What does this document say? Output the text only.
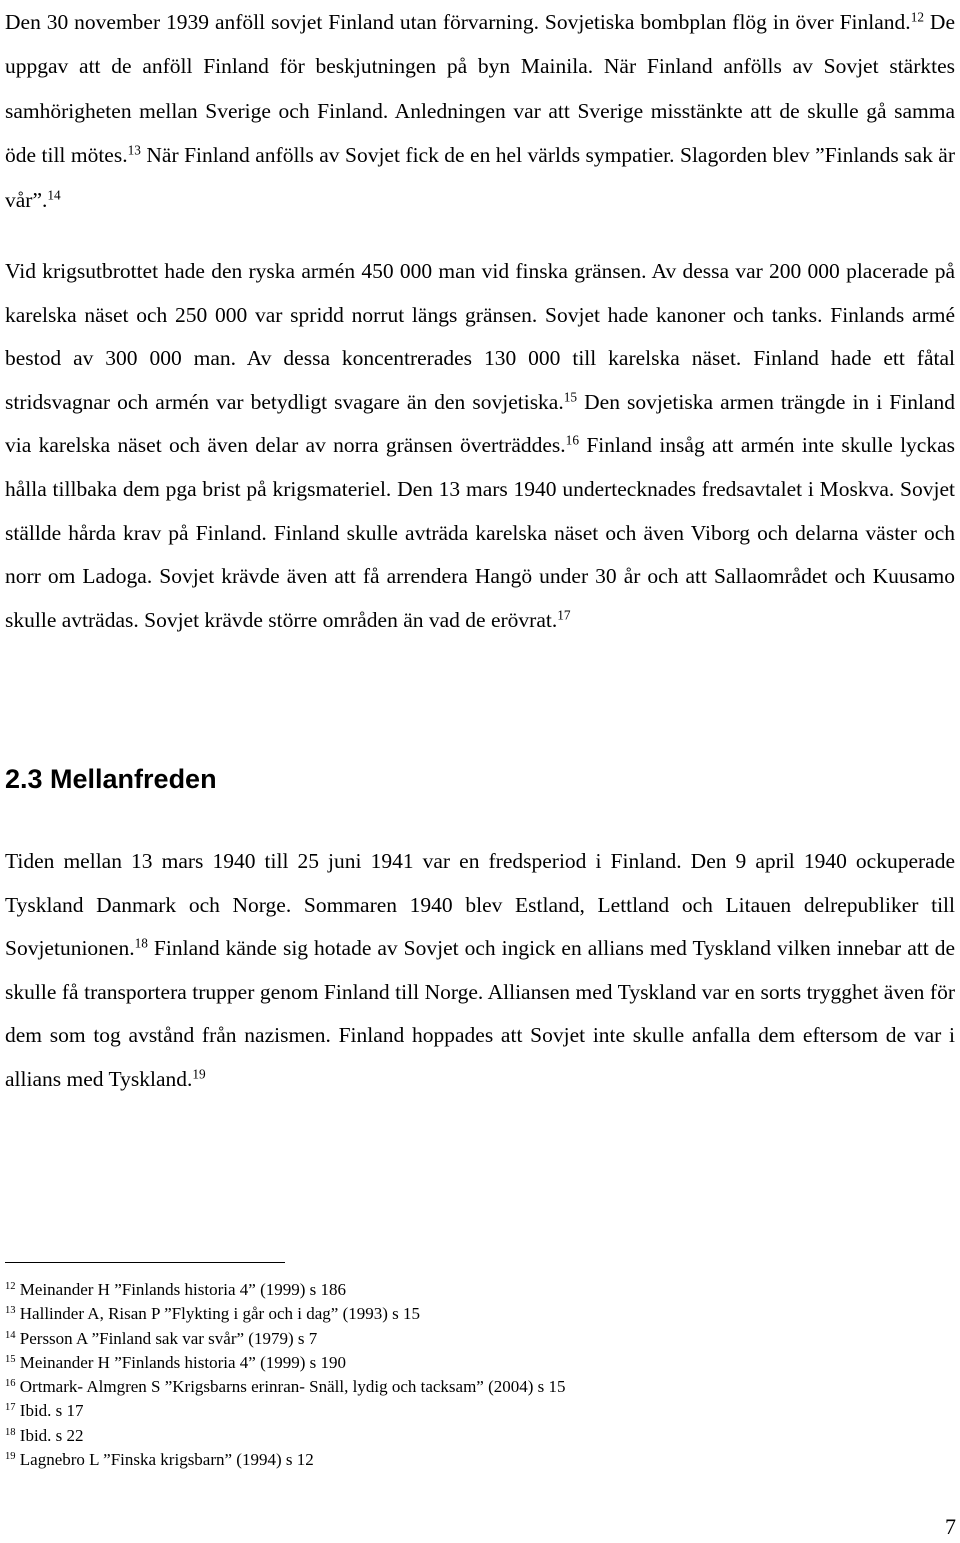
Den 30 november 1939 anföll sovjet Finland utan förvarning. Sovjetiska bombplan flög in över Finland.$^{12}$ De uppgav att de anföll Finland för beskjutningen på byn Mainila. När Finland anfölls av Sovjet stärktes samhörigheten mellan Sverige och Finland. Anledningen var att Sverige misstänkte att de skulle gå samma öde till mötes.$^{13}$ När Finland anfölls av Sovjet fick de en hel världs sympatier. Slagorden blev ”Finlands sak är vår”.$^{14}$

Vid krigsutbrottet hade den ryska armén 450 000 man vid finska gränsen. Av dessa var 200 000 placerade på karelska näset och 250 000 var spridd norrut längs gränsen. Sovjet hade kanoner och tanks. Finlands armé bestod av 300 000 man. Av dessa koncentrerades 130 000 till karelska näset. Finland hade ett fåtal stridsvagnar och armén var betydligt svagare än den sovjetiska.$^{15}$ Den sovjetiska armen trängde in i Finland via karelska näset och även delar av norra gränsen överträddes.$^{16}$ Finland insåg att armén inte skulle lyckas hålla tillbaka dem pga brist på krigsmateriel. Den 13 mars 1940 undertecknades fredsavtalet i Moskva. Sovjet ställde hårda krav på Finland. Finland skulle avträda karelska näset och även Viborg och delarna väster och norr om Ladoga. Sovjet krävde även att få arrendera Hangö under 30 år och att Sallaområdet och Kuusamo skulle avträdas. Sovjet krävde större områden än vad de erövrat.$^{17}$

2.3 Mellanfreden

Tiden mellan 13 mars 1940 till 25 juni 1941 var en fredsperiod i Finland. Den 9 april 1940 ockuperade Tyskland Danmark och Norge. Sommaren 1940 blev Estland, Lettland och Litauen delrepubliker till Sovjetunionen.$^{18}$ Finland kände sig hotade av Sovjet och ingick en allians med Tyskland vilken innebar att de skulle få transportera trupper genom Finland till Norge. Alliansen med Tyskland var en sorts trygghet även för dem som tog avstånd från nazismen. Finland hoppades att Sovjet inte skulle anfalla dem eftersom de var i allians med Tyskland.$^{19}$

$^{12}$ Meinander H ”Finlands historia 4” (1999) s 186
$^{13}$ Hallinder A, Risan P ”Flykting i går och i dag” (1993) s 15
$^{14}$ Persson A ”Finland sak var svår” (1979) s 7
$^{15}$ Meinander H ”Finlands historia 4” (1999) s 190
$^{16}$ Ortmark- Almgren S ”Krigsbarns erinran- Snäll, lydig och tacksam” (2004) s 15
$^{17}$ Ibid. s 17
$^{18}$ Ibid. s 22
$^{19}$ Lagnebro L ”Finska krigsbarn” (1994) s 12
7
